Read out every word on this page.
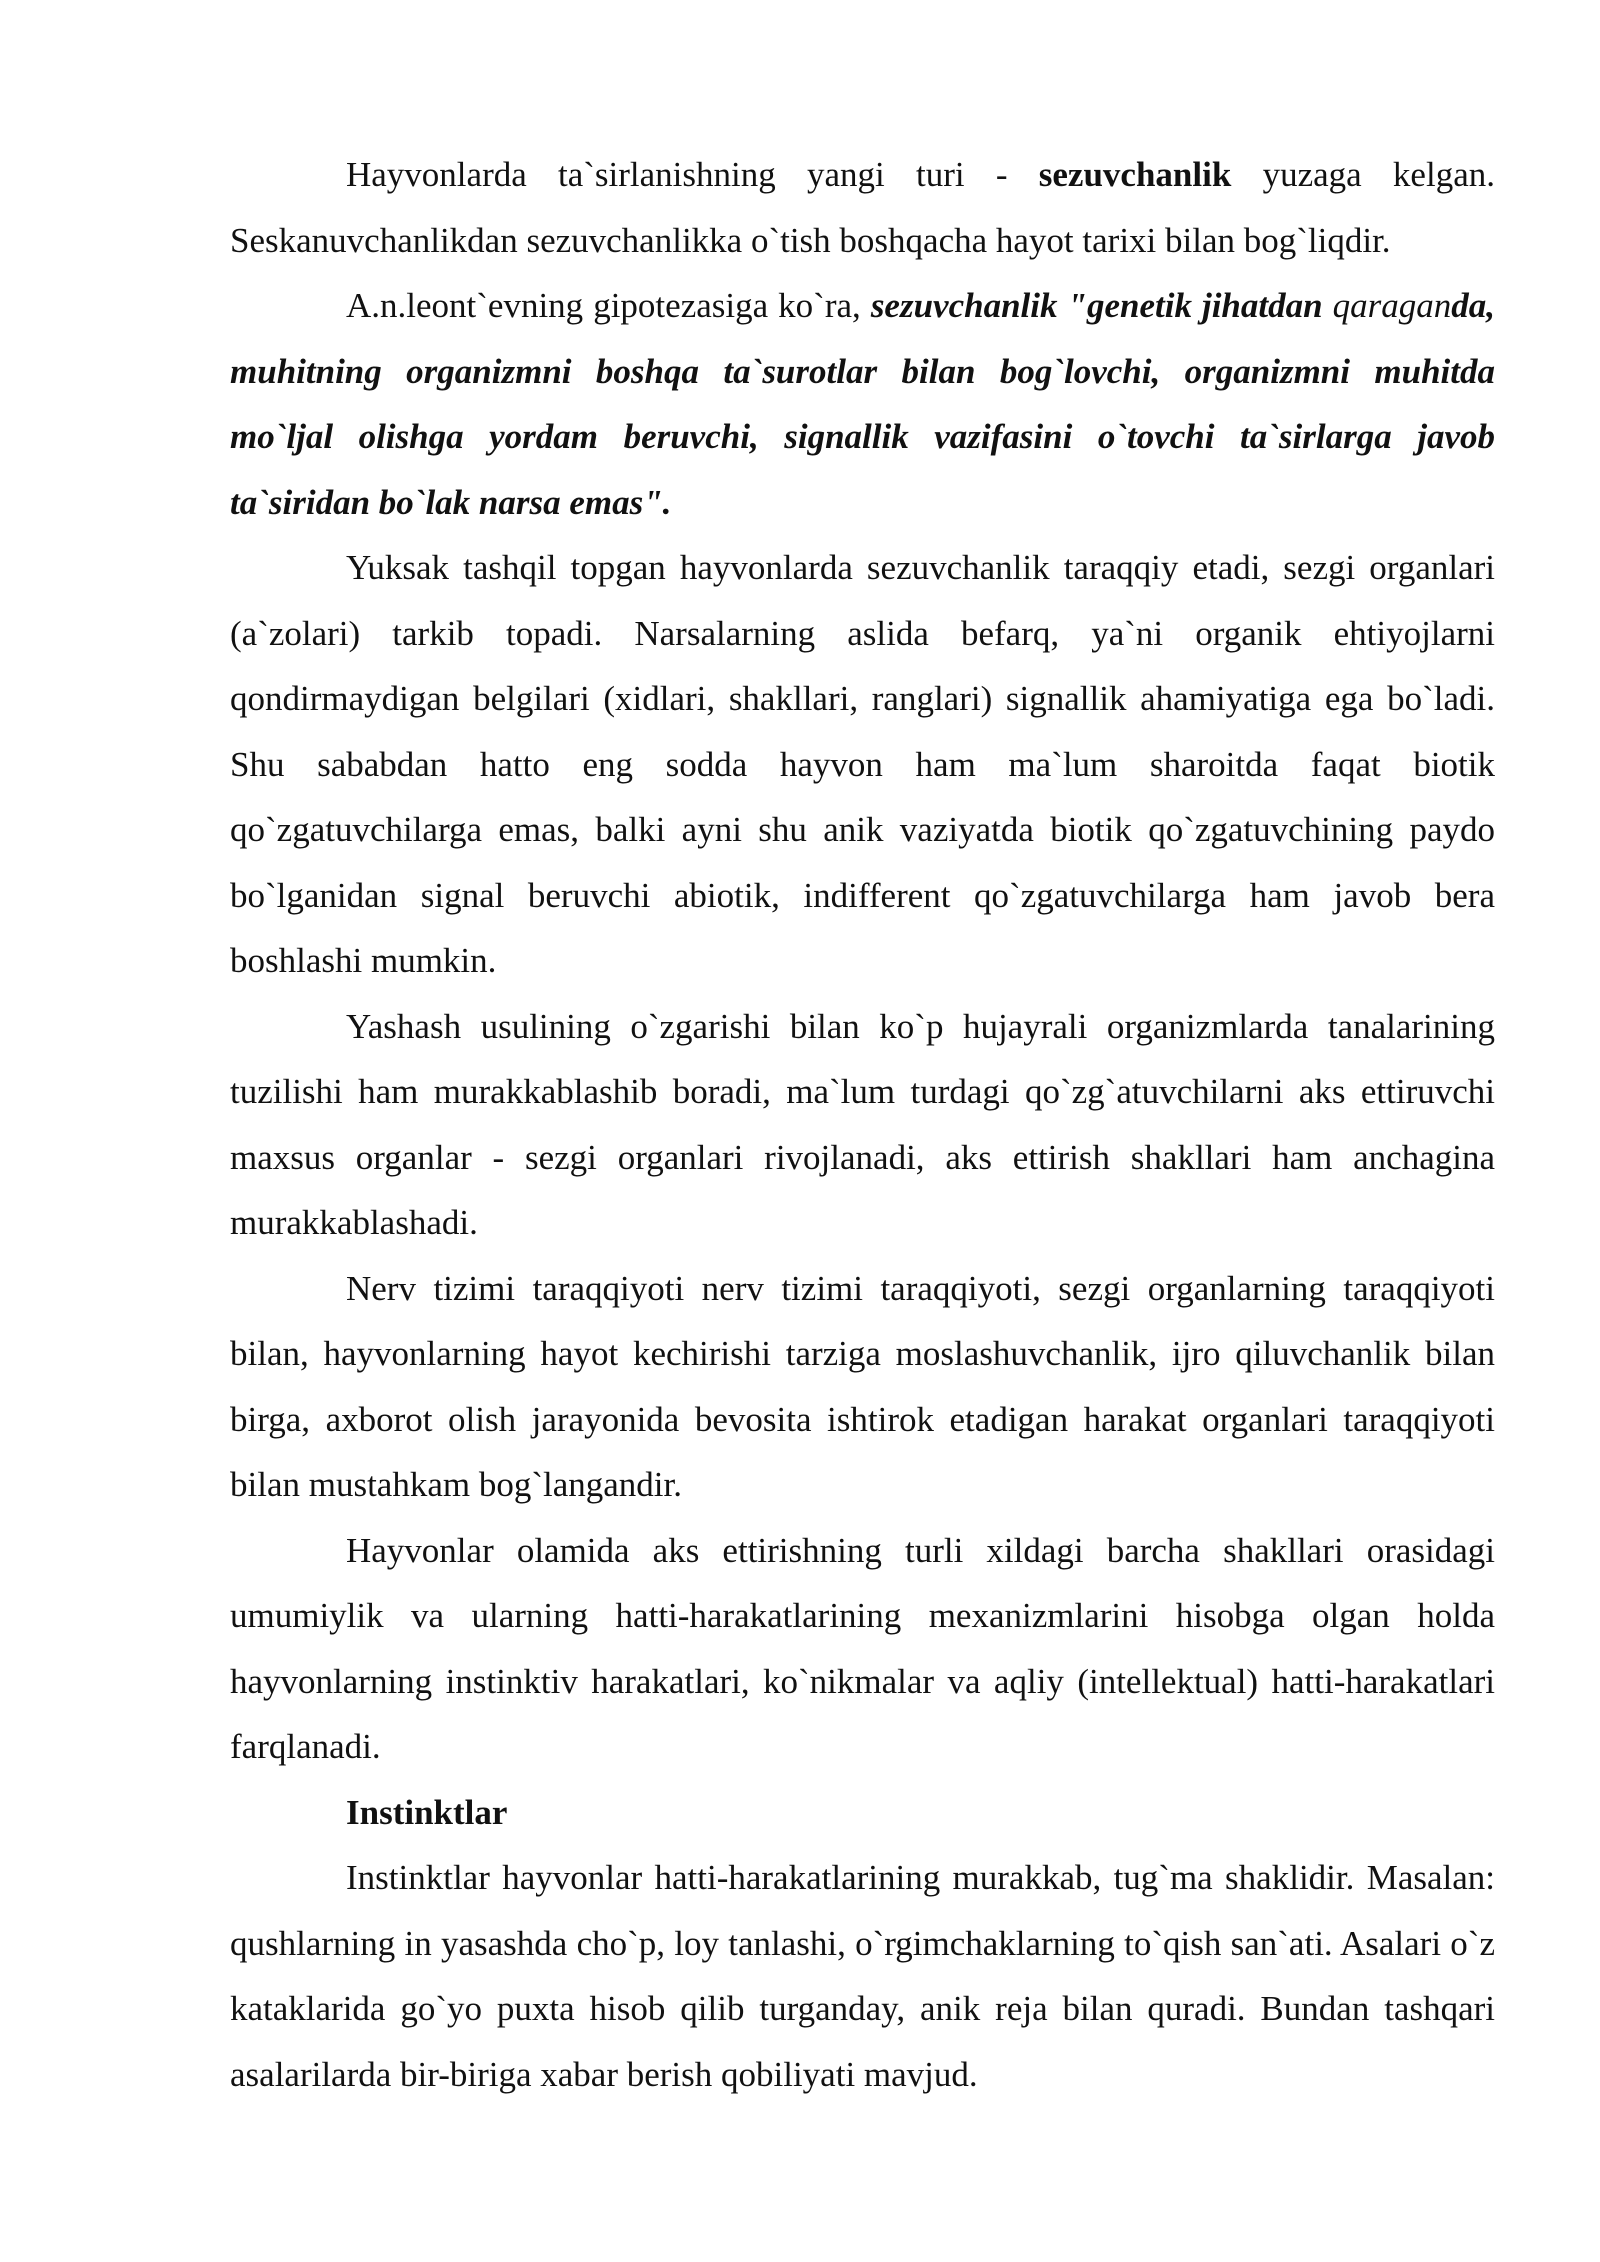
Hayvonlarda ta`sirlanishning yangi turi - sezuvchanlik yuzaga kelgan. Seskanuvchanlikdan sezuvchanlikka o`tish boshqacha hayot tarixi bilan bog`liqdir.

A.n.leont`evning gipotezasiga ko`ra, sezuvchanlik "genetik jihatdan qaraganda, muhitning organizmni boshqa ta`surotlar bilan bog`lovchi, organizmni muhitda mo`ljal olishga yordam beruvchi, signallik vazifasini o`tovchi ta`sirlarga javob ta`siridan bo`lak narsa emas".

Yuksak tashqil topgan hayvonlarda sezuvchanlik taraqqiy etadi, sezgi organlari (a`zolari) tarkib topadi. Narsalarning aslida befarq, ya`ni organik ehtiyojlarni qondirmaydigan belgilari (xidlari, shakllari, ranglari) signallik ahamiyatiga ega bo`ladi. Shu sababdan hatto eng sodda hayvon ham ma`lum sharoitda faqat biotik qo`zgatuvchilarga emas, balki ayni shu anik vaziyatda biotik qo`zgatuvchining paydo bo`lganidan signal beruvchi abiotik, indifferent qo`zgatuvchilarga ham javob bera boshlashi mumkin.

Yashash usulining o`zgarishi bilan ko`p hujayrali organizmlarda tanalarining tuzilishi ham murakkablashib boradi, ma`lum turdagi qo`zg`atuvchilarni aks ettiruvchi maxsus organlar - sezgi organlari rivojlanadi, aks ettirish shakllari ham anchagina murakkablashadi.

Nerv tizimi taraqqiyoti nerv tizimi taraqqiyoti, sezgi organlarning taraqqiyoti bilan, hayvonlarning hayot kechirishi tarziga moslashuvchanlik, ijro qiluvchanlik bilan birga, axborot olish jarayonida bevosita ishtirok etadigan harakat organlari taraqqiyoti bilan mustahkam bog`langandir.

Hayvonlar olamida aks ettirishning turli xildagi barcha shakllari orasidagi umumiylik va ularning hatti-harakatlarining mexanizmlarini hisobga olgan holda hayvonlarning instinktiv harakatlari, ko`nikmalar va aqliy (intellektual) hatti-harakatlari farqlanadi.

Instinktlar

Instinktlar hayvonlar hatti-harakatlarining murakkab, tug`ma shaklidir. Masalan: qushlarning in yasashda cho`p, loy tanlashi, o`rgimchaklarning to`qish san`ati. Asalari o`z kataklarida go`yo puxta hisob qilib turganday, anik reja bilan quradi. Bundan tashqari asalarilarda bir-biriga xabar berish qobiliyati mavjud.
